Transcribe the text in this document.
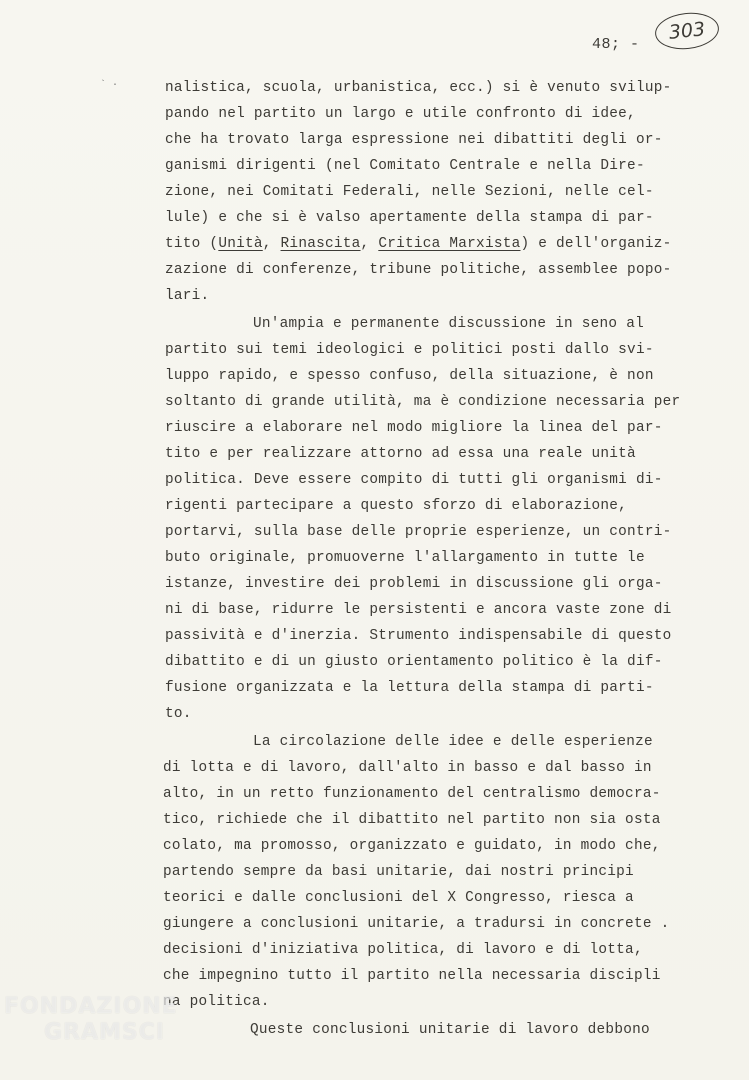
` ·
48; -
303
nalistica, scuola, urbanistica, ecc.) si è venuto svilup-
pando nel partito un largo e utile confronto di idee,
che ha trovato larga espressione nei dibattiti degli or-
ganismi dirigenti (nel Comitato Centrale e nella Dire-
zione, nei Comitati Federali, nelle Sezioni, nelle cel-
lule) e che si è valso apertamente della stampa di par-
tito (Unità, Rinascita, Critica Marxista) e dell'organiz-
zazione di conferenze, tribune politiche, assemblee popo-
lari.
Un'ampia e permanente discussione in seno al
partito sui temi ideologici e politici posti dallo svi-
luppo rapido, e spesso confuso, della situazione, è non
soltanto di grande utilità, ma è condizione necessaria per
riuscire a elaborare nel modo migliore la linea del par-
tito e per realizzare attorno ad essa una reale unità
politica. Deve essere compito di tutti gli organismi di-
rigenti partecipare a questo sforzo di elaborazione,
portarvi, sulla base delle proprie esperienze, un contri-
buto originale, promuoverne l'allargamento in tutte le
istanze, investire dei problemi in discussione gli orga-
ni di base, ridurre le persistenti e ancora vaste zone di
passività e d'inerzia. Strumento indispensabile di questo
dibattito e di un giusto orientamento politico è la dif-
fusione organizzata e la lettura della stampa di parti-
to.
La circolazione delle idee e delle esperienze
di lotta e di lavoro, dall'alto in basso e dal basso in
alto, in un retto funzionamento del centralismo democra-
tico, richiede che il dibattito nel partito non sia osta
colato, ma promosso, organizzato e guidato, in modo che,
partendo sempre da basi unitarie, dai nostri principi
teorici e dalle conclusioni del X Congresso, riesca a
giungere a conclusioni unitarie, a tradursi in concrete .
decisioni d'iniziativa politica, di lavoro e di lotta,
che impegnino tutto il partito nella necessaria discipli
na politica.
Queste conclusioni unitarie di lavoro debbono
FONDAZIONE
GRAMSCI
